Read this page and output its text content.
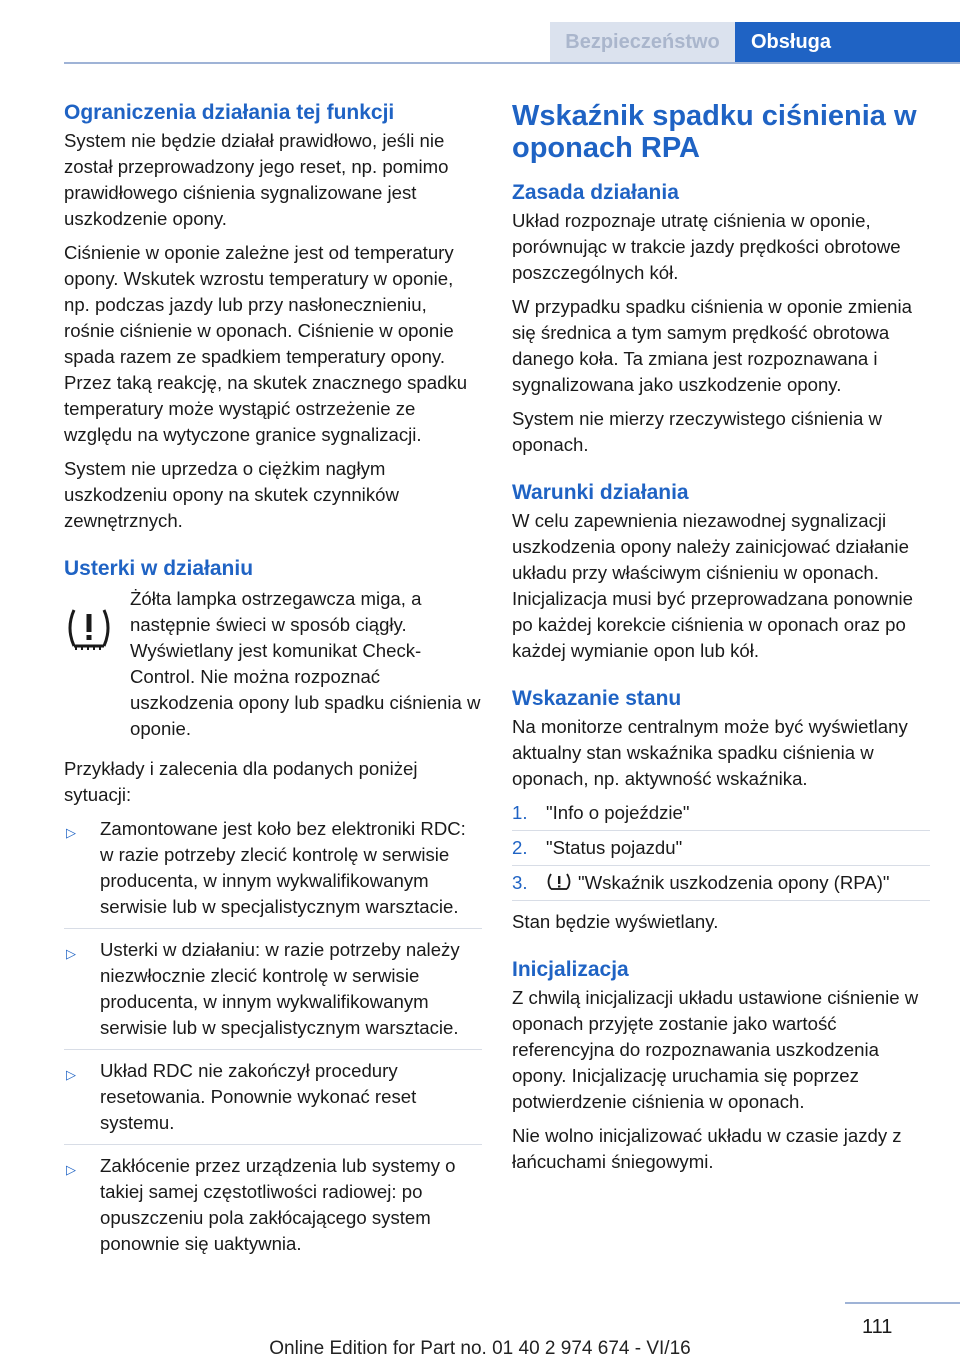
Bezpieczeństwo	Obsługa
Ograniczenia działania tej funkcji

System nie będzie działał prawidłowo, jeśli nie został przeprowadzony jego reset, np. pomimo prawidłowego ciśnienia sygnalizowane jest uszkodzenie opony.

Ciśnienie w oponie zależne jest od temperatury opony. Wskutek wzrostu temperatury w oponie, np. podczas jazdy lub przy nasłonecznieniu, rośnie ciśnienie w oponach. Ciśnienie w oponie spada razem ze spadkiem temperatury opony. Przez taką reakcję, na skutek znacznego spadku temperatury może wystąpić ostrzeżenie ze względu na wytyczone granice sygnalizacji.

System nie uprzedza o ciężkim nagłym uszkodzeniu opony na skutek czynników zewnętrznych.

Usterki w działaniu

Żółta lampka ostrzegawcza miga, a następnie świeci w sposób ciągły. Wyświetlany jest komunikat Check-Control. Nie można rozpoznać uszkodzenia opony lub spadku ciśnienia w oponie.

Przykłady i zalecenia dla podanych poniżej sytuacji:

▷ Zamontowane jest koło bez elektroniki RDC: w razie potrzeby zlecić kontrolę w serwisie producenta, w innym wykwalifikowanym serwisie lub w specjalistycznym warsztacie.
▷ Usterki w działaniu: w razie potrzeby należy niezwłocznie zlecić kontrolę w serwisie producenta, w innym wykwalifikowanym serwisie lub w specjalistycznym warsztacie.
▷ Układ RDC nie zakończył procedury resetowania. Ponownie wykonać reset systemu.
▷ Zakłócenie przez urządzenia lub systemy o takiej samej częstotliwości radiowej: po opuszczeniu pola zakłócającego system ponownie się uaktywnia.
Wskaźnik spadku ciśnienia w oponach RPA
Zasada działania

Układ rozpoznaje utratę ciśnienia w oponie, porównując w trakcie jazdy prędkości obrotowe poszczególnych kół.

W przypadku spadku ciśnienia w oponie zmienia się średnica a tym samym prędkość obrotowa danego koła. Ta zmiana jest rozpoznawana i sygnalizowana jako uszkodzenie opony.

System nie mierzy rzeczywistego ciśnienia w oponach.

Warunki działania

W celu zapewnienia niezawodnej sygnalizacji uszkodzenia opony należy zainicjować działanie układu przy właściwym ciśnieniu w oponach. Inicjalizacja musi być przeprowadzana ponownie po każdej korekcie ciśnienia w oponach oraz po każdej wymianie opon lub kół.

Wskazanie stanu

Na monitorze centralnym może być wyświetlany aktualny stan wskaźnika spadku ciśnienia w oponach, np. aktywność wskaźnika.

1. "Info o pojeździe"
2. "Status pojazdu"
3.	"Wskaźnik uszkodzenia opony (RPA)"

Stan będzie wyświetlany.

Inicjalizacja

Z chwilą inicjalizacji układu ustawione ciśnienie w oponach przyjęte zostanie jako wartość referencyjna do rozpoznawania uszkodzenia opony. Inicjalizację uruchamia się poprzez potwierdzenie ciśnienia w oponach.

Nie wolno inicjalizować układu w czasie jazdy z łańcuchami śniegowymi.

111
Online Edition for Part no. 01 40 2 974 674 - VI/16
